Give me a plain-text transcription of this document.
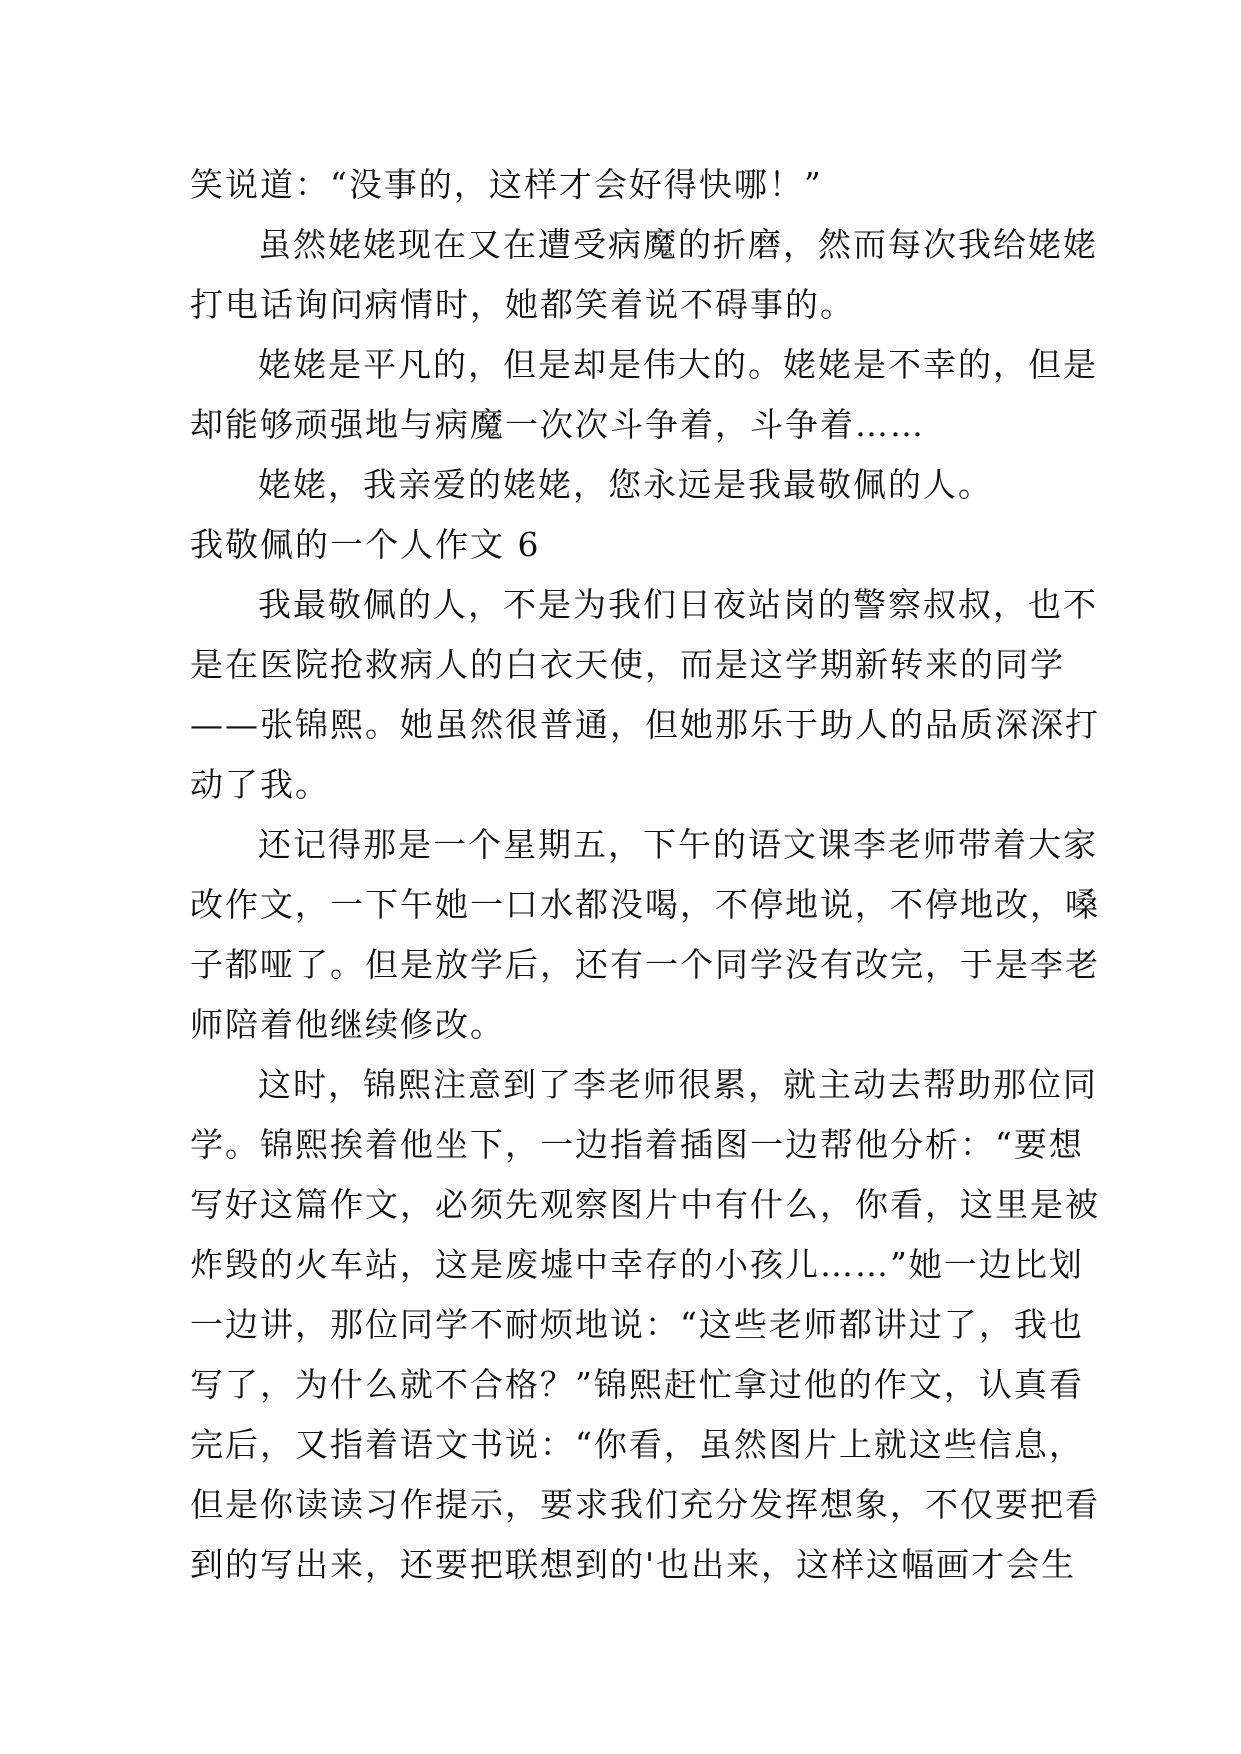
笑说道：“没事的，这样才会好得快哪！”
虽然姥姥现在又在遭受病魔的折磨，然而每次我给姥姥
打电话询问病情时，她都笑着说不碍事的。
姥姥是平凡的，但是却是伟大的。姥姥是不幸的，但是
却能够顽强地与病魔一次次斗争着，斗争着……
姥姥，我亲爱的姥姥，您永远是我最敬佩的人。
我敬佩的一个人作文 6
我最敬佩的人，不是为我们日夜站岗的警察叔叔，也不
是在医院抢救病人的白衣天使，而是这学期新转来的同学
——张锦熙。她虽然很普通，但她那乐于助人的品质深深打
动了我。
还记得那是一个星期五，下午的语文课李老师带着大家
改作文，一下午她一口水都没喝，不停地说，不停地改，嗓
子都哑了。但是放学后，还有一个同学没有改完，于是李老
师陪着他继续修改。
这时，锦熙注意到了李老师很累，就主动去帮助那位同
学。锦熙挨着他坐下，一边指着插图一边帮他分析：“要想
写好这篇作文，必须先观察图片中有什么，你看，这里是被
炸毁的火车站，这是废墟中幸存的小孩儿……”她一边比划
一边讲，那位同学不耐烦地说：“这些老师都讲过了，我也
写了，为什么就不合格？”锦熙赶忙拿过他的作文，认真看
完后，又指着语文书说：“你看，虽然图片上就这些信息，
但是你读读习作提示，要求我们充分发挥想象，不仅要把看
到的写出来，还要把联想到的'也出来，这样这幅画才会生
